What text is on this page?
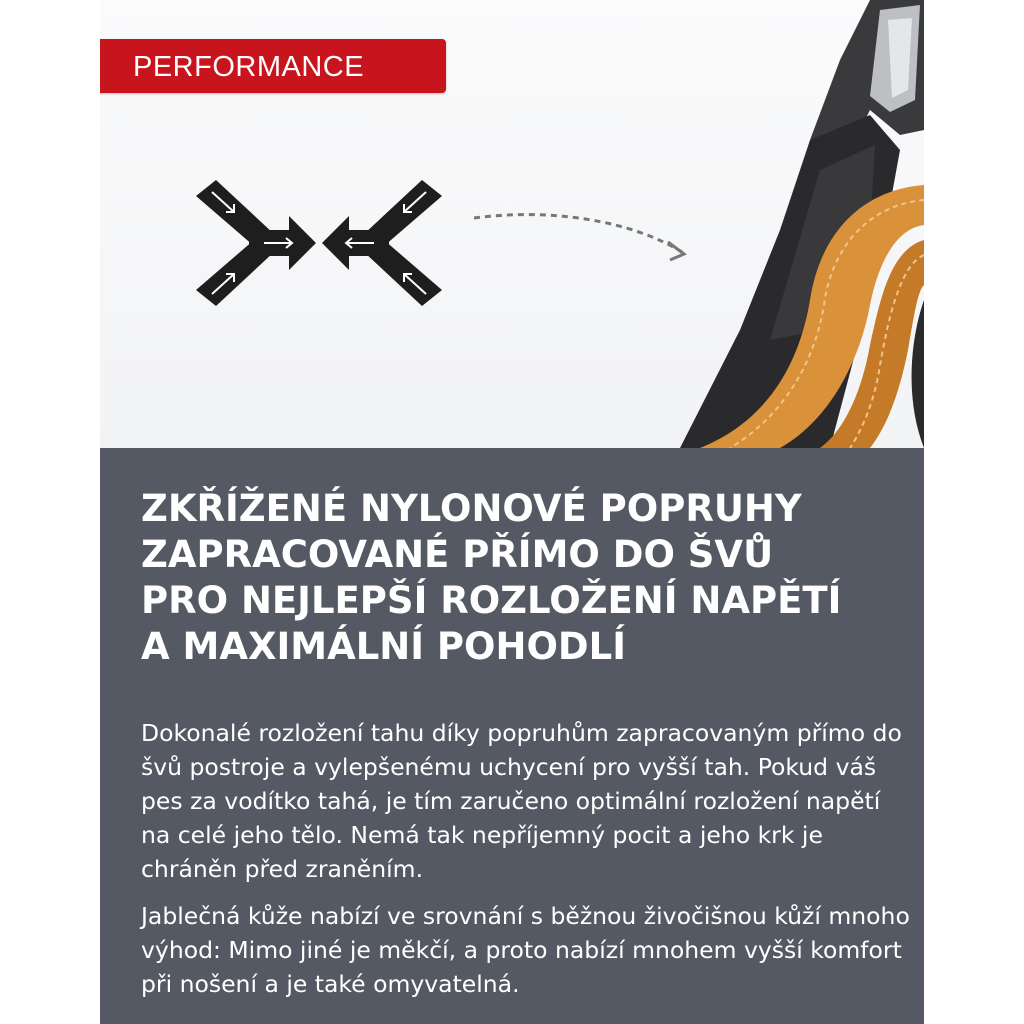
PERFORMANCE
ZKŘÍŽENÉ NYLONOVÉ POPRUHY
ZAPRACOVANÉ PŘÍMO DO ŠVŮ
PRO NEJLEPŠÍ ROZLOŽENÍ NAPĚTÍ
A MAXIMÁLNÍ POHODLÍ

Dokonalé rozložení tahu díky popruhům zapracovaným přímo do švů postroje a vylepšenému uchycení pro vyšší tah. Pokud váš pes za vodítko tahá, je tím zaručeno optimální rozložení napětí na celé jeho tělo. Nemá tak nepříjemný pocit a jeho krk je chráněn před zraněním.

Jablečná kůže nabízí ve srovnání s běžnou živočišnou kůží mnoho výhod: Mimo jiné je měkčí, a proto nabízí mnohem vyšší komfort při nošení a je také omyvatelná.
